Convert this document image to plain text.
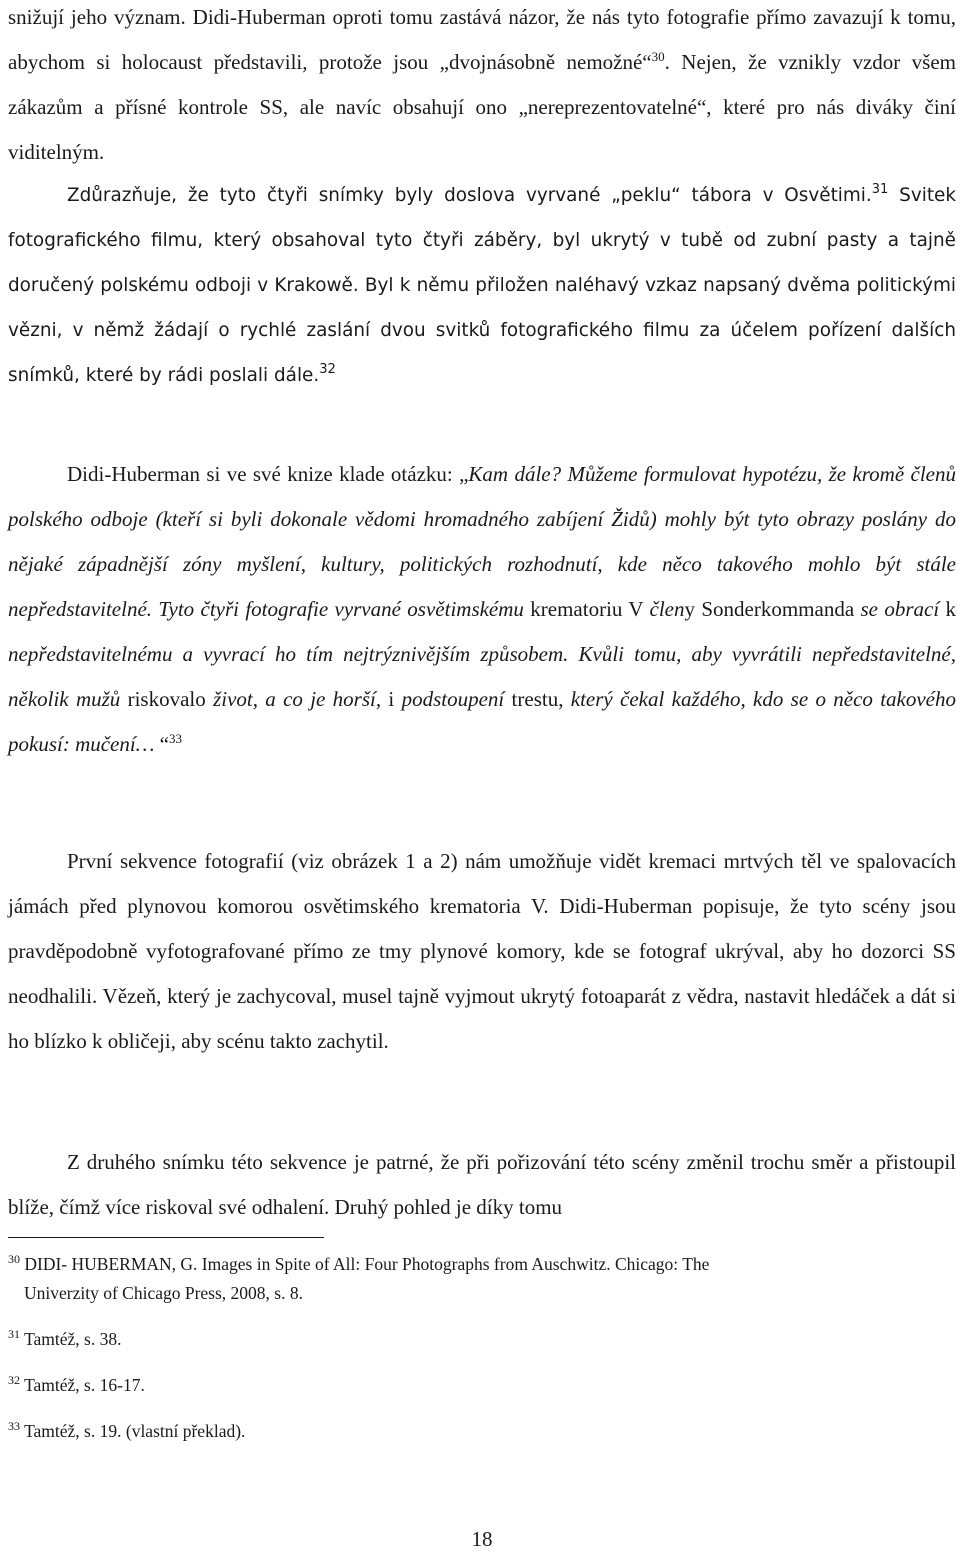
snižují jeho význam. Didi-Huberman oproti tomu zastává názor, že nás tyto fotografie přímo zavazují k tomu, abychom si holocaust představili, protože jsou „dvojnásobně nemožné“$^{30}$. Nejen, že vznikly vzdor všem zákazům a přísné kontrole SS, ale navíc obsahují ono „nereprezentovatelné“, které pro nás diváky činí viditelným.

Zdůrazňuje, že tyto čtyři snímky byly doslova vyrvané „peklu“ tábora v Osvětimi.$^{31}$ Svitek fotografického filmu, který obsahoval tyto čtyři záběry, byl ukrytý v tubě od zubní pasty a tajně doručený polskému odboji v Krakowě. Byl k němu přiložen naléhavý vzkaz napsaný dvěma politickými vězni, v němž žádají o rychlé zaslání dvou svitků fotografického filmu za účelem pořízení dalších snímků, které by rádi poslali dále.$^{32}$

Didi-Huberman si ve své knize klade otázku: „Kam dále? Můžeme formulovat hypotézu, že kromě členů polského odboje (kteří si byli dokonale vědomi hromadného zabíjení Židů) mohly být tyto obrazy poslány do nějaké západnější zóny myšlení, kultury, politických rozhodnutí, kde něco takového mohlo být stále nepředstavitelné. Tyto čtyři fotografie vyrvané osvětimskému krematoriu V členy Sonderkommanda se obrací k nepředstavitelnému a vyvrací ho tím nejtrýznivějším způsobem. Kvůli tomu, aby vyvrátili nepředstavitelné, několik mužů riskovalo život, a co je horší, i podstoupení trestu, který čekal každého, kdo se o něco takového pokusí: mučení… “$^{33}$

První sekvence fotografií (viz obrázek 1 a 2) nám umožňuje vidět kremaci mrtvých těl ve spalovacích jámách před plynovou komorou osvětimského krematoria V. Didi-Huberman popisuje, že tyto scény jsou pravděpodobně vyfotografované přímo ze tmy plynové komory, kde se fotograf ukrýval, aby ho dozorci SS neodhalili. Vězeň, který je zachycoval, musel tajně vyjmout ukrytý fotoaparát z vědra, nastavit hledáček a dát si ho blízko k obličeji, aby scénu takto zachytil.

Z druhého snímku této sekvence je patrné, že při pořizování této scény změnil trochu směr a přistoupil blíže, čímž více riskoval své odhalení. Druhý pohled je díky tomu

$^{30}$ DIDI- HUBERMAN, G. Images in Spite of All: Four Photographs from Auschwitz. Chicago: The
Univerzity of Chicago Press, 2008, s. 8.

$^{31}$ Tamtéž, s. 38.

$^{32}$ Tamtéž, s. 16-17.

$^{33}$ Tamtéž, s. 19. (vlastní překlad).

18
